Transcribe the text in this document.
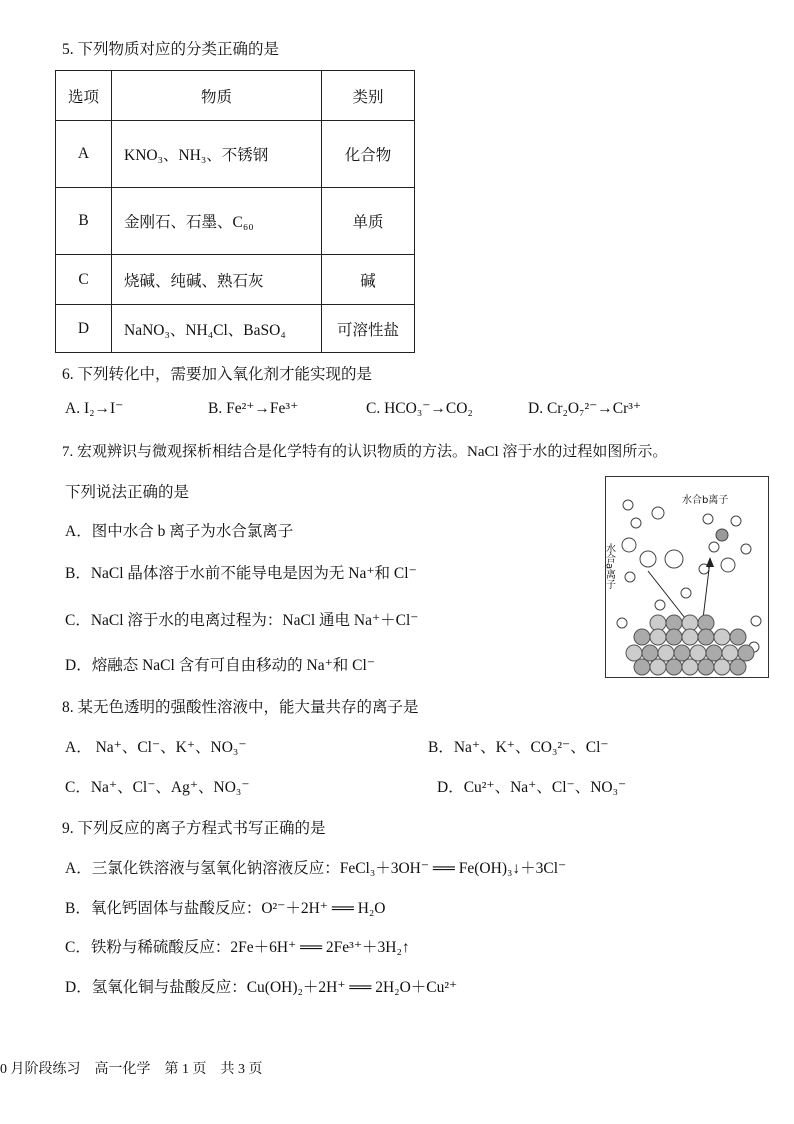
5. 下列物质对应的分类正确的是
选项	物质	类别
A	KNO₃、NH₃、不锈钢	化合物
B	金刚石、石墨、C₆₀	单质
C	烧碱、纯碱、熟石灰	碱
D	NaNO₃、NH₄Cl、BaSO₄	可溶性盐
6. 下列转化中，需要加入氧化剂才能实现的是
A. I₂→I⁻	B. Fe²⁺→Fe³⁺	C. HCO₃⁻→CO₂	D. Cr₂O₇²⁻→Cr³⁺
7. 宏观辨识与微观探析相结合是化学特有的认识物质的方法。NaCl 溶于水的过程如图所示。
下列说法正确的是
A．图中水合 b 离子为水合氯离子
B．NaCl 晶体溶于水前不能导电是因为无 Na⁺和 Cl⁻
C．NaCl 溶于水的电离过程为：NaCl 通电 Na⁺＋Cl⁻
D．熔融态 NaCl 含有可自由移动的 Na⁺和 Cl⁻
水合b离子
水合a离子
8. 某无色透明的强酸性溶液中，能大量共存的离子是
A． Na⁺、Cl⁻、K⁺、NO₃⁻	B．Na⁺、K⁺、CO₃²⁻、Cl⁻
C．Na⁺、Cl⁻、Ag⁺、NO₃⁻	D．Cu²⁺、Na⁺、Cl⁻、NO₃⁻
9. 下列反应的离子方程式书写正确的是
A．三氯化铁溶液与氢氧化钠溶液反应：FeCl₃＋3OH⁻ ══ Fe(OH)₃↓＋3Cl⁻
B．氧化钙固体与盐酸反应：O²⁻＋2H⁺ ══ H₂O
C．铁粉与稀硫酸反应：2Fe＋6H⁺ ══ 2Fe³⁺＋3H₂↑
D．氢氧化铜与盐酸反应：Cu(OH)₂＋2H⁺ ══ 2H₂O＋Cu²⁺
0 月阶段练习　高一化学　第 1 页　共 3 页
